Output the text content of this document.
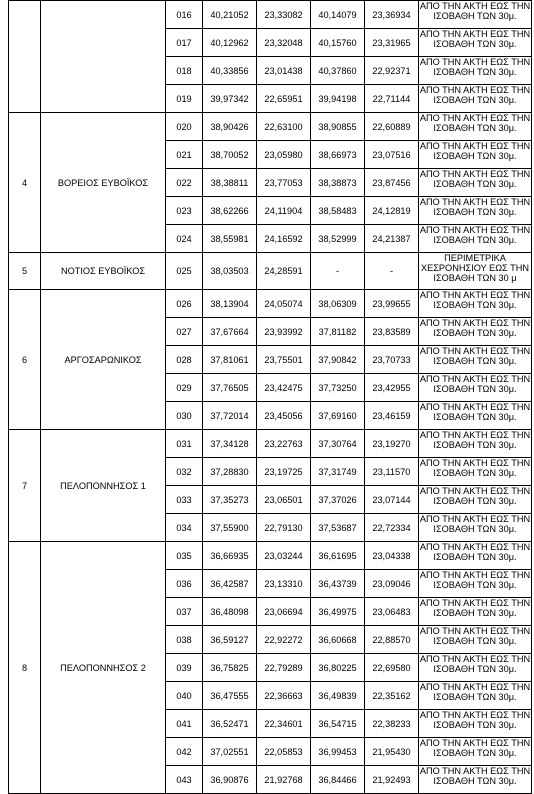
		016	40,21052	23,33082	40,14079	23,36934	ΑΠΟ ΤΗΝ ΑΚΤΗ ΕΩΣ ΤΗΝ ΙΣΟΒΑΘΗ ΤΩΝ 30μ.
		017	40,12962	23,32048	40,15760	23,31965	ΑΠΟ ΤΗΝ ΑΚΤΗ ΕΩΣ ΤΗΝ ΙΣΟΒΑΘΗ ΤΩΝ 30μ.
		018	40,33856	23,01438	40,37860	22,92371	ΑΠΟ ΤΗΝ ΑΚΤΗ ΕΩΣ ΤΗΝ ΙΣΟΒΑΘΗ ΤΩΝ 30μ.
		019	39,97342	22,65951	39,94198	22,71144	ΑΠΟ ΤΗΝ ΑΚΤΗ ΕΩΣ ΤΗΝ ΙΣΟΒΑΘΗ ΤΩΝ 30μ.
4	ΒΟΡΕΙΟΣ ΕΥΒΟΪΚΟΣ	020	38,90426	22,63100	38,90855	22,60889	ΑΠΟ ΤΗΝ ΑΚΤΗ ΕΩΣ ΤΗΝ ΙΣΟΒΑΘΗ ΤΩΝ 30μ.
		021	38,70052	23,05980	38,66973	23,07516	ΑΠΟ ΤΗΝ ΑΚΤΗ ΕΩΣ ΤΗΝ ΙΣΟΒΑΘΗ ΤΩΝ 30μ.
		022	38,38811	23,77053	38,38873	23,87456	ΑΠΟ ΤΗΝ ΑΚΤΗ ΕΩΣ ΤΗΝ ΙΣΟΒΑΘΗ ΤΩΝ 30μ.
		023	38,62266	24,11904	38,58483	24,12819	ΑΠΟ ΤΗΝ ΑΚΤΗ ΕΩΣ ΤΗΝ ΙΣΟΒΑΘΗ ΤΩΝ 30μ.
		024	38,55981	24,16592	38,52999	24,21387	ΑΠΟ ΤΗΝ ΑΚΤΗ ΕΩΣ ΤΗΝ ΙΣΟΒΑΘΗ ΤΩΝ 30μ.
5	ΝΟΤΙΟΣ ΕΥΒΟΪΚΟΣ	025	38,03503	24,28591	-	-	ΠΕΡΙΜΕΤΡΙΚΑ ΧΕΣΡΟΝΗΣΙΟΥ ΕΩΣ ΤΗΝ ΙΣΟΒΑΘΗ ΤΩΝ 30 μ
6	ΑΡΓΟΣΑΡΩΝΙΚΟΣ	026	38,13904	24,05074	38,06309	23,99655	ΑΠΟ ΤΗΝ ΑΚΤΗ ΕΩΣ ΤΗΝ ΙΣΟΒΑΘΗ ΤΩΝ 30μ.
		027	37,67664	23,93992	37,81182	23,83589	ΑΠΟ ΤΗΝ ΑΚΤΗ ΕΩΣ ΤΗΝ ΙΣΟΒΑΘΗ ΤΩΝ 30μ.
		028	37,81061	23,75501	37,90842	23,70733	ΑΠΟ ΤΗΝ ΑΚΤΗ ΕΩΣ ΤΗΝ ΙΣΟΒΑΘΗ ΤΩΝ 30μ.
		029	37,76505	23,42475	37,73250	23,42955	ΑΠΟ ΤΗΝ ΑΚΤΗ ΕΩΣ ΤΗΝ ΙΣΟΒΑΘΗ ΤΩΝ 30μ.
		030	37,72014	23,45056	37,69160	23,46159	ΑΠΟ ΤΗΝ ΑΚΤΗ ΕΩΣ ΤΗΝ ΙΣΟΒΑΘΗ ΤΩΝ 30μ.
7	ΠΕΛΟΠΟΝΝΗΣΟΣ 1	031	37,34128	23,22763	37,30764	23,19270	ΑΠΟ ΤΗΝ ΑΚΤΗ ΕΩΣ ΤΗΝ ΙΣΟΒΑΘΗ ΤΩΝ 30μ.
		032	37,28830	23,19725	37,31749	23,11570	ΑΠΟ ΤΗΝ ΑΚΤΗ ΕΩΣ ΤΗΝ ΙΣΟΒΑΘΗ ΤΩΝ 30μ.
		033	37,35273	23,06501	37,37026	23,07144	ΑΠΟ ΤΗΝ ΑΚΤΗ ΕΩΣ ΤΗΝ ΙΣΟΒΑΘΗ ΤΩΝ 30μ.
		034	37,55900	22,79130	37,53687	22,72334	ΑΠΟ ΤΗΝ ΑΚΤΗ ΕΩΣ ΤΗΝ ΙΣΟΒΑΘΗ ΤΩΝ 30μ.
8	ΠΕΛΟΠΟΝΝΗΣΟΣ 2	035	36,66935	23,03244	36,61695	23,04338	ΑΠΟ ΤΗΝ ΑΚΤΗ ΕΩΣ ΤΗΝ ΙΣΟΒΑΘΗ ΤΩΝ 30μ.
		036	36,42587	23,13310	36,43739	23,09046	ΑΠΟ ΤΗΝ ΑΚΤΗ ΕΩΣ ΤΗΝ ΙΣΟΒΑΘΗ ΤΩΝ 30μ.
		037	36,48098	23,06694	36,49975	23,06483	ΑΠΟ ΤΗΝ ΑΚΤΗ ΕΩΣ ΤΗΝ ΙΣΟΒΑΘΗ ΤΩΝ 30μ.
		038	36,59127	22,92272	36,60668	22,88570	ΑΠΟ ΤΗΝ ΑΚΤΗ ΕΩΣ ΤΗΝ ΙΣΟΒΑΘΗ ΤΩΝ 30μ.
		039	36,75825	22,79289	36,80225	22,69580	ΑΠΟ ΤΗΝ ΑΚΤΗ ΕΩΣ ΤΗΝ ΙΣΟΒΑΘΗ ΤΩΝ 30μ.
		040	36,47555	22,36663	36,49839	22,35162	ΑΠΟ ΤΗΝ ΑΚΤΗ ΕΩΣ ΤΗΝ ΙΣΟΒΑΘΗ ΤΩΝ 30μ.
		041	36,52471	22,34601	36,54715	22,38233	ΑΠΟ ΤΗΝ ΑΚΤΗ ΕΩΣ ΤΗΝ ΙΣΟΒΑΘΗ ΤΩΝ 30μ.
		042	37,02551	22,05853	36,99453	21,95430	ΑΠΟ ΤΗΝ ΑΚΤΗ ΕΩΣ ΤΗΝ ΙΣΟΒΑΘΗ ΤΩΝ 30μ.
		043	36,90876	21,92768	36,84466	21,92493	ΑΠΟ ΤΗΝ ΑΚΤΗ ΕΩΣ ΤΗΝ ΙΣΟΒΑΘΗ ΤΩΝ 30μ.
